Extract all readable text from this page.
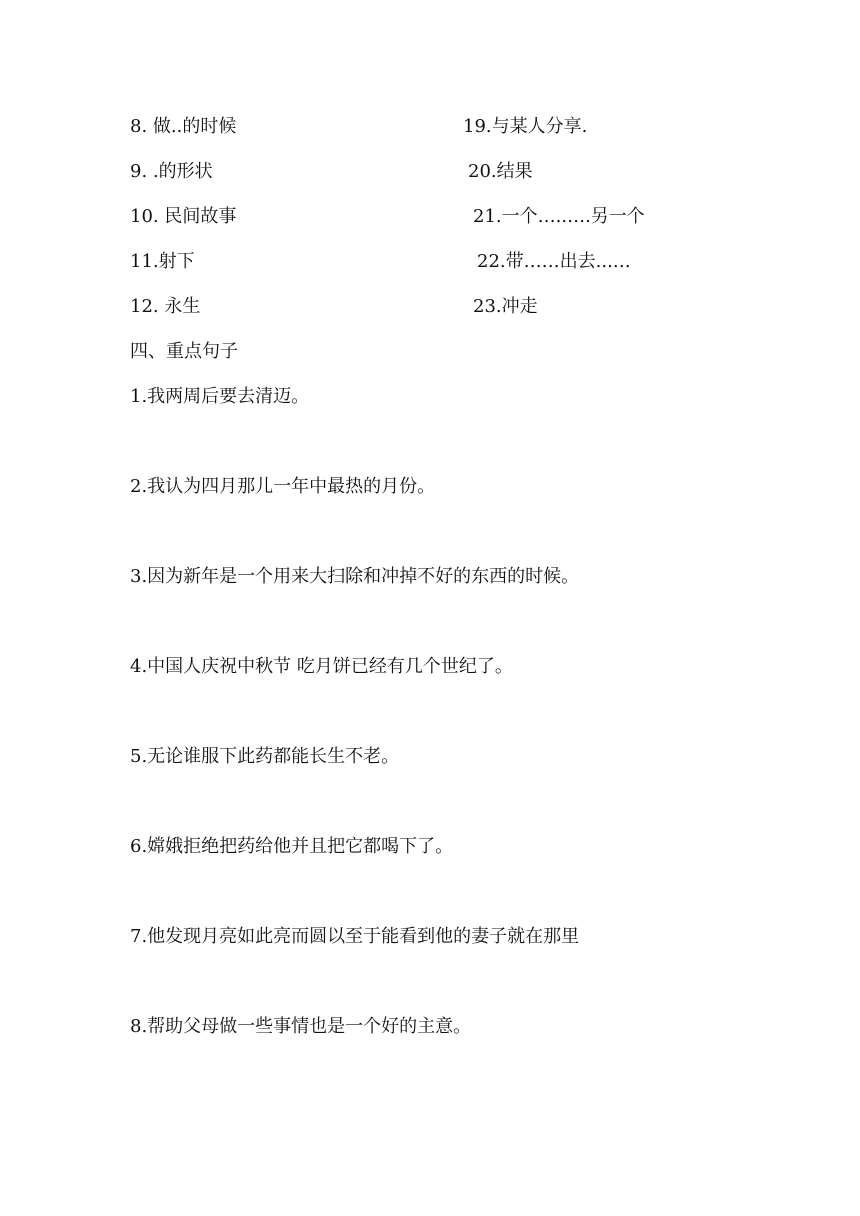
8. 做..的时候	19.与某人分享.
9. .的形状	20.结果
10. 民间故事	21.一个…..….另一个
11.射下	22.带……出去...…
12. 永生	23.冲走
四、重点句子
1.我两周后要去清迈。
2.我认为四月那儿一年中最热的月份。
3.因为新年是一个用来大扫除和冲掉不好的东西的时候。
4.中国人庆祝中秋节 吃月饼已经有几个世纪了。
5.无论谁服下此药都能长生不老。
6.嫦娥拒绝把药给他并且把它都喝下了。
7.他发现月亮如此亮而圆以至于能看到他的妻子就在那里
8.帮助父母做一些事情也是一个好的主意。
